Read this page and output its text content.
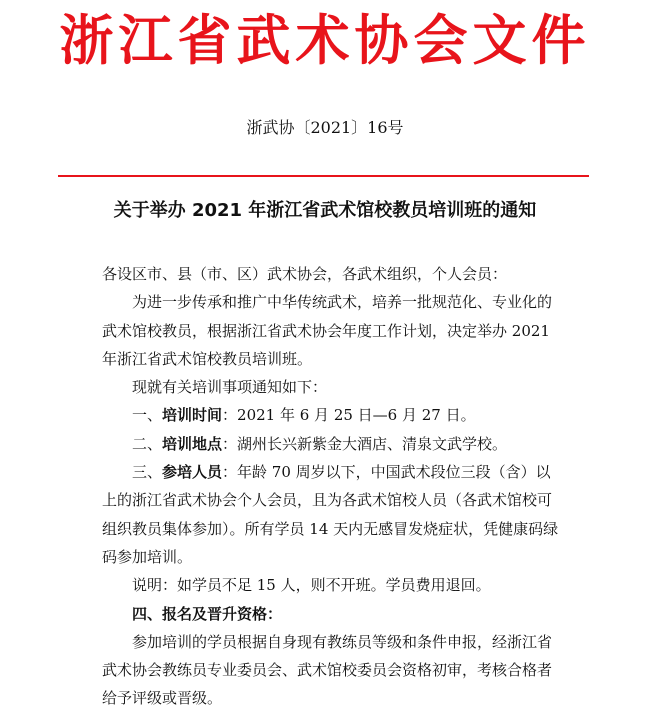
浙江省武术协会文件
浙武协〔2021〕16号
关于举办 2021 年浙江省武术馆校教员培训班的通知

各设区市、县（市、区）武术协会，各武术组织，个人会员：

为进一步传承和推广中华传统武术，培养一批规范化、专业化的武术馆校教员，根据浙江省武术协会年度工作计划，决定举办 2021 年浙江省武术馆校教员培训班。

现就有关培训事项通知如下：

一、培训时间：2021 年 6 月 25 日—6 月 27 日。

二、培训地点：湖州长兴新紫金大酒店、清泉文武学校。

三、参培人员：年龄 70 周岁以下，中国武术段位三段（含）以上的浙江省武术协会个人会员，且为各武术馆校人员（各武术馆校可组织教员集体参加）。所有学员 14 天内无感冒发烧症状，凭健康码绿码参加培训。

说明：如学员不足 15 人，则不开班。学员费用退回。

四、报名及晋升资格：

参加培训的学员根据自身现有教练员等级和条件申报，经浙江省武术协会教练员专业委员会、武术馆校委员会资格初审，考核合格者给予评级或晋级。
